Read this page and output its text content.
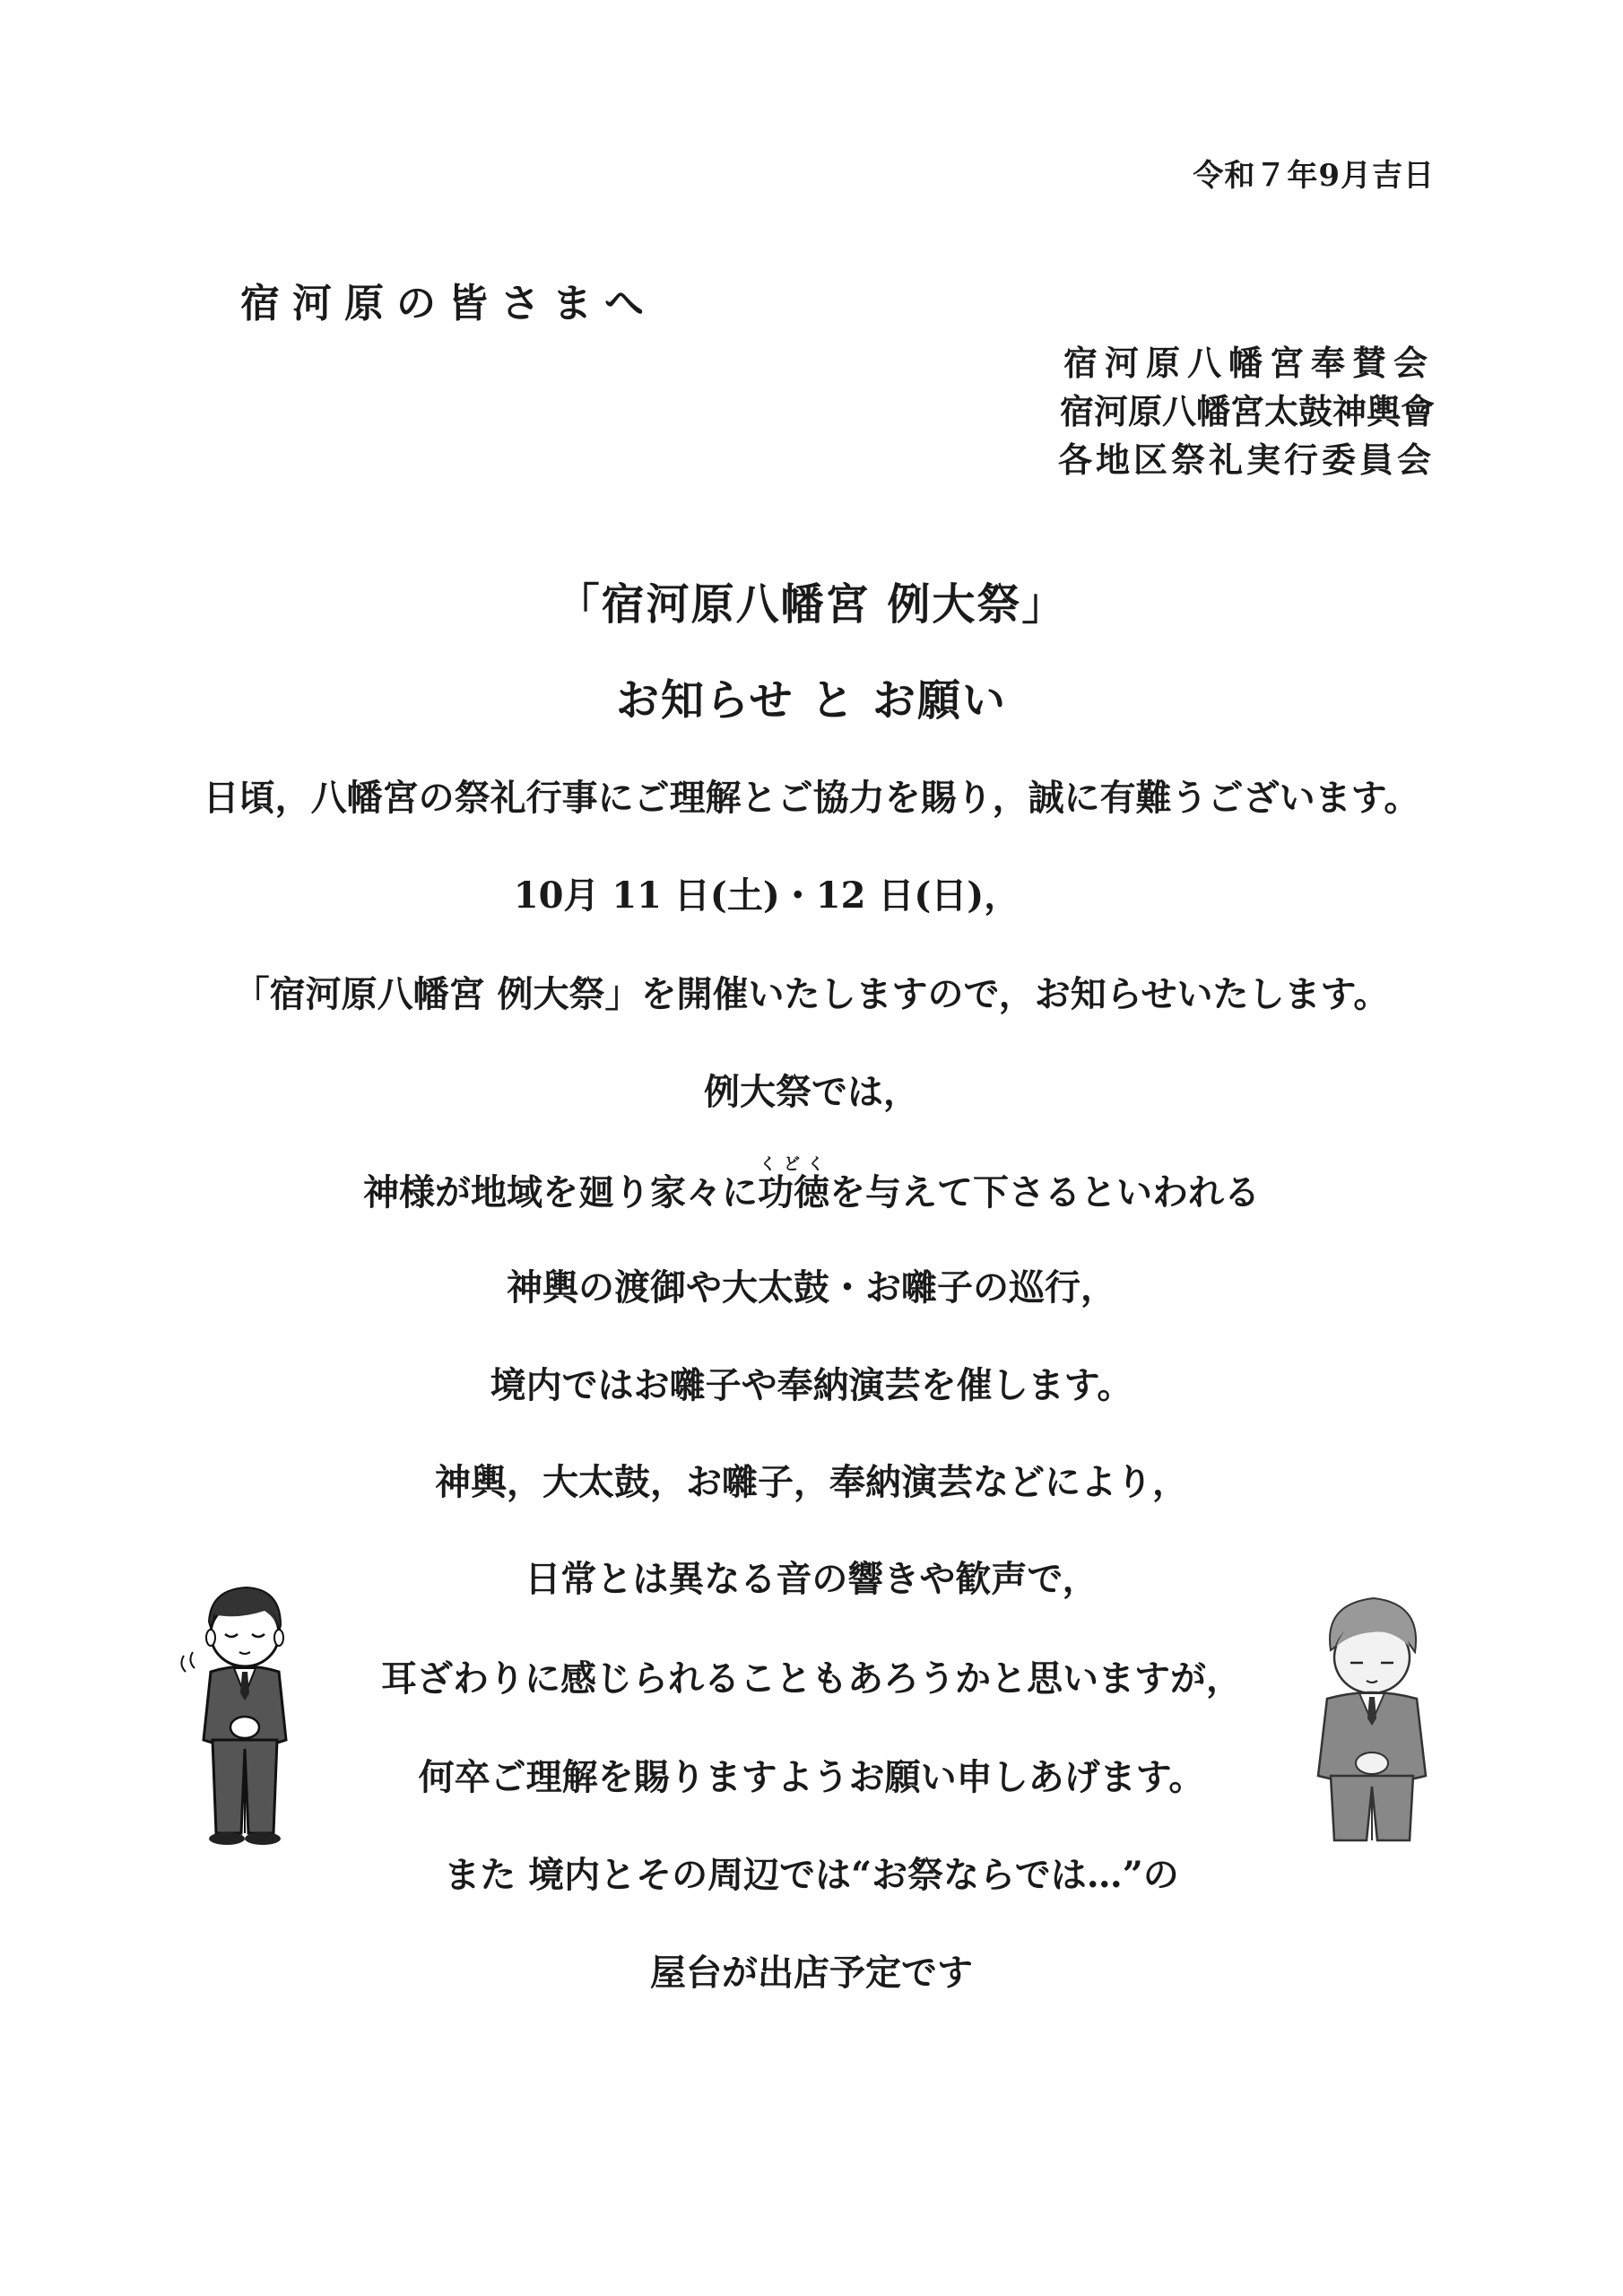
令和７年9月吉日
宿河原の皆さまへ
宿河原八幡宮奉賛会
宿河原八幡宮太鼓神輿會
各地区祭礼実行委員会
「宿河原八幡宮 例大祭」
お知らせ と お願い
日頃，八幡宮の祭礼行事にご理解とご協力を賜り，誠に有難うございます。
10月 11 日(土)・12 日(日)，
「宿河原八幡宮 例大祭」を開催いたしますので，お知らせいたします。
例大祭では，
神様が地域を廻り家々に功徳くどくを与えて下さるといわれる
神輿の渡御や大太鼓・お囃子の巡行，
境内ではお囃子や奉納演芸を催します。
神輿，大太鼓，お囃子，奉納演芸などにより，
日常とは異なる音の響きや歓声で，
耳ざわりに感じられることもあろうかと思いますが，
何卒ご理解を賜りますようお願い申しあげます。
また 境内とその周辺では“お祭ならでは…”の
屋台が出店予定です
